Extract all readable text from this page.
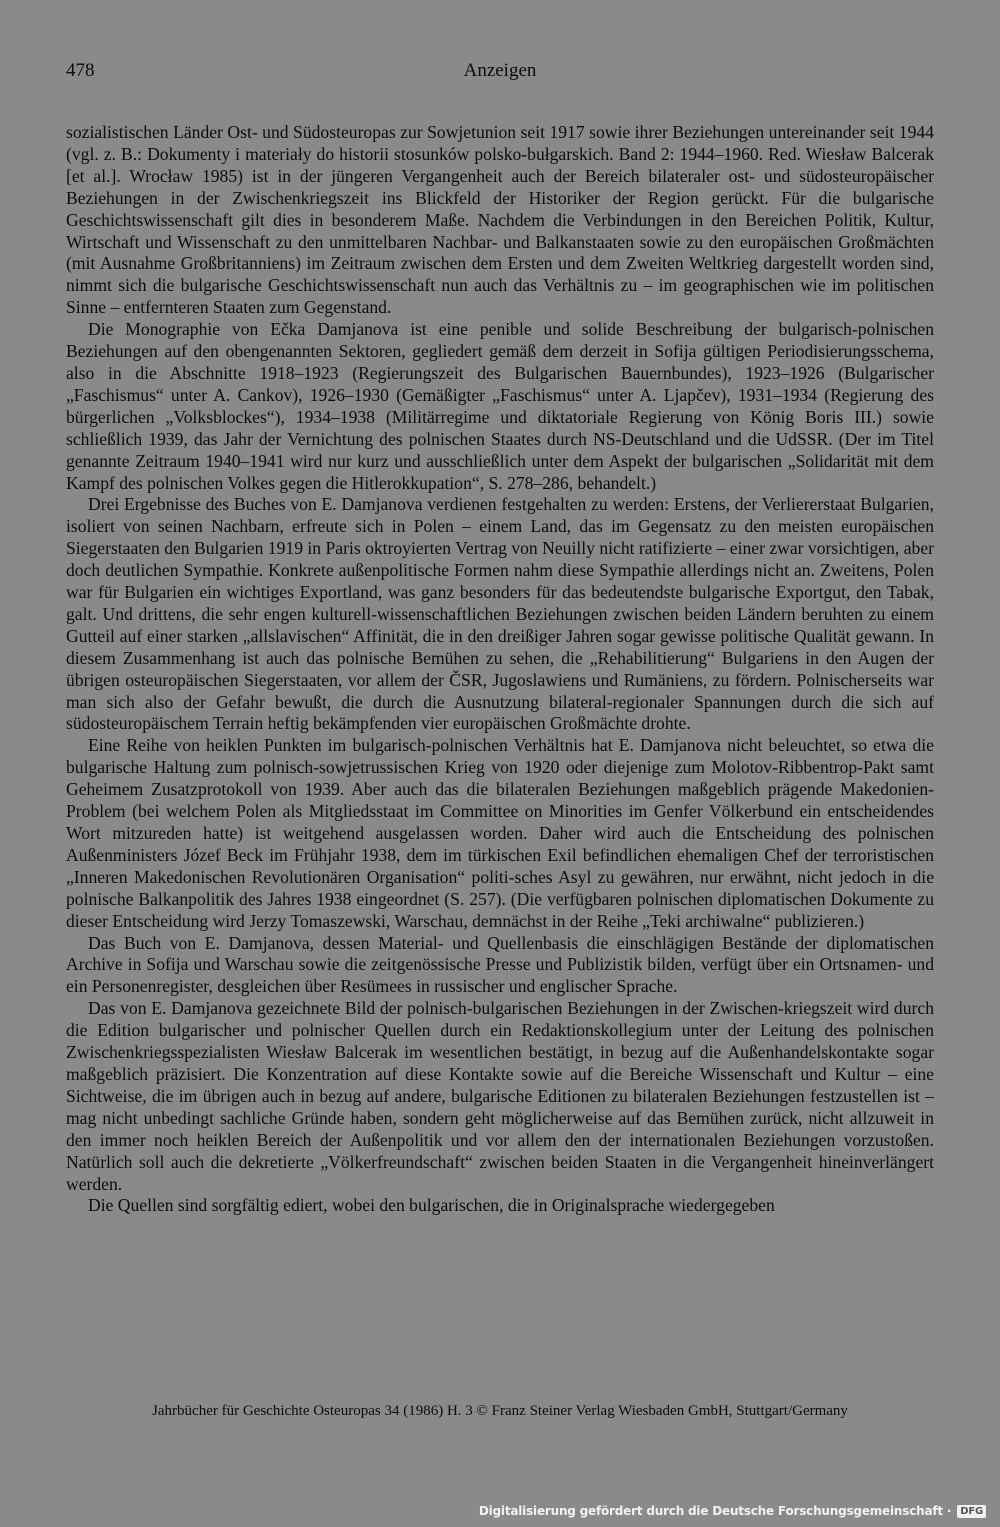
478	Anzeigen

sozialistischen Länder Ost- und Südosteuropas zur Sowjetunion seit 1917 sowie ihrer Beziehungen untereinander seit 1944 (vgl. z. B.: Dokumenty i materiały do historii stosunków polsko-bułgarskich. Band 2: 1944–1960. Red. Wiesław Balcerak [et al.]. Wrocław 1985) ist in der jüngeren Vergangenheit auch der Bereich bilateraler ost- und südosteuropäischer Beziehungen in der Zwischenkriegszeit ins Blickfeld der Historiker der Region gerückt. Für die bulgarische Geschichtswissenschaft gilt dies in besonderem Maße. Nachdem die Verbindungen in den Bereichen Politik, Kultur, Wirtschaft und Wissenschaft zu den unmittelbaren Nachbar- und Balkanstaaten sowie zu den europäischen Großmächten (mit Ausnahme Großbritanniens) im Zeitraum zwischen dem Ersten und dem Zweiten Weltkrieg dargestellt worden sind, nimmt sich die bulgarische Geschichtswissenschaft nun auch das Verhältnis zu – im geographischen wie im politischen Sinne – entfernteren Staaten zum Gegenstand.

Die Monographie von Ečka Damjanova ist eine penible und solide Beschreibung der bulgarisch-polnischen Beziehungen auf den obengenannten Sektoren, gegliedert gemäß dem derzeit in Sofija gültigen Periodisierungsschema, also in die Abschnitte 1918–1923 (Regierungszeit des Bulgarischen Bauernbundes), 1923–1926 (Bulgarischer „Faschismus“ unter A. Cankov), 1926–1930 (Gemäßigter „Faschismus“ unter A. Ljapčev), 1931–1934 (Regierung des bürgerlichen „Volksblockes“), 1934–1938 (Militärregime und diktatoriale Regierung von König Boris III.) sowie schließlich 1939, das Jahr der Vernichtung des polnischen Staates durch NS-Deutschland und die UdSSR. (Der im Titel genannte Zeitraum 1940–1941 wird nur kurz und ausschließlich unter dem Aspekt der bulgarischen „Solidarität mit dem Kampf des polnischen Volkes gegen die Hitlerokkupation“, S. 278–286, behandelt.)

Drei Ergebnisse des Buches von E. Damjanova verdienen festgehalten zu werden: Erstens, der Verliererstaat Bulgarien, isoliert von seinen Nachbarn, erfreute sich in Polen – einem Land, das im Gegensatz zu den meisten europäischen Siegerstaaten den Bulgarien 1919 in Paris oktroyierten Vertrag von Neuilly nicht ratifizierte – einer zwar vorsichtigen, aber doch deutlichen Sympathie. Konkrete außenpolitische Formen nahm diese Sympathie allerdings nicht an. Zweitens, Polen war für Bulgarien ein wichtiges Exportland, was ganz besonders für das bedeutendste bulgarische Exportgut, den Tabak, galt. Und drittens, die sehr engen kulturell-wissenschaftlichen Beziehungen zwischen beiden Ländern beruhten zu einem Gutteil auf einer starken „allslavischen“ Affinität, die in den dreißiger Jahren sogar gewisse politische Qualität gewann. In diesem Zusammenhang ist auch das polnische Bemühen zu sehen, die „Rehabilitierung“ Bulgariens in den Augen der übrigen osteuropäischen Siegerstaaten, vor allem der ČSR, Jugoslawiens und Rumäniens, zu fördern. Polnischerseits war man sich also der Gefahr bewußt, die durch die Ausnutzung bilateral-regionaler Spannungen durch die sich auf südosteuropäischem Terrain heftig bekämpfenden vier europäischen Großmächte drohte.

Eine Reihe von heiklen Punkten im bulgarisch-polnischen Verhältnis hat E. Damjanova nicht beleuchtet, so etwa die bulgarische Haltung zum polnisch-sowjetrussischen Krieg von 1920 oder diejenige zum Molotov-Ribbentrop-Pakt samt Geheimem Zusatzprotokoll von 1939. Aber auch das die bilateralen Beziehungen maßgeblich prägende Makedonien-Problem (bei welchem Polen als Mitgliedsstaat im Committee on Minorities im Genfer Völkerbund ein entscheidendes Wort mitzureden hatte) ist weitgehend ausgelassen worden. Daher wird auch die Entscheidung des polnischen Außenministers Józef Beck im Frühjahr 1938, dem im türkischen Exil befindlichen ehemaligen Chef der terroristischen „Inneren Makedonischen Revolutionären Organisation“ politi-sches Asyl zu gewähren, nur erwähnt, nicht jedoch in die polnische Balkanpolitik des Jahres 1938 eingeordnet (S. 257). (Die verfügbaren polnischen diplomatischen Dokumente zu dieser Entscheidung wird Jerzy Tomaszewski, Warschau, demnächst in der Reihe „Teki archiwalne“ publizieren.)

Das Buch von E. Damjanova, dessen Material- und Quellenbasis die einschlägigen Bestände der diplomatischen Archive in Sofija und Warschau sowie die zeitgenössische Presse und Publizistik bilden, verfügt über ein Ortsnamen- und ein Personenregister, desgleichen über Resümees in russischer und englischer Sprache.

Das von E. Damjanova gezeichnete Bild der polnisch-bulgarischen Beziehungen in der Zwischen-kriegszeit wird durch die Edition bulgarischer und polnischer Quellen durch ein Redaktionskollegium unter der Leitung des polnischen Zwischenkriegsspezialisten Wiesław Balcerak im wesentlichen bestätigt, in bezug auf die Außenhandelskontakte sogar maßgeblich präzisiert. Die Konzentration auf diese Kontakte sowie auf die Bereiche Wissenschaft und Kultur – eine Sichtweise, die im übrigen auch in bezug auf andere, bulgarische Editionen zu bilateralen Beziehungen festzustellen ist – mag nicht unbedingt sachliche Gründe haben, sondern geht möglicherweise auf das Bemühen zurück, nicht allzuweit in den immer noch heiklen Bereich der Außenpolitik und vor allem den der internationalen Beziehungen vorzustoßen. Natürlich soll auch die dekretierte „Völkerfreundschaft“ zwischen beiden Staaten in die Vergangenheit hineinverlängert werden.

Die Quellen sind sorgfältig ediert, wobei den bulgarischen, die in Originalsprache wiedergegeben

Jahrbücher für Geschichte Osteuropas 34 (1986) H. 3 © Franz Steiner Verlag Wiesbaden GmbH, Stuttgart/Germany
Digitalisierung gefördert durch die Deutsche Forschungsgemeinschaft · DFG
